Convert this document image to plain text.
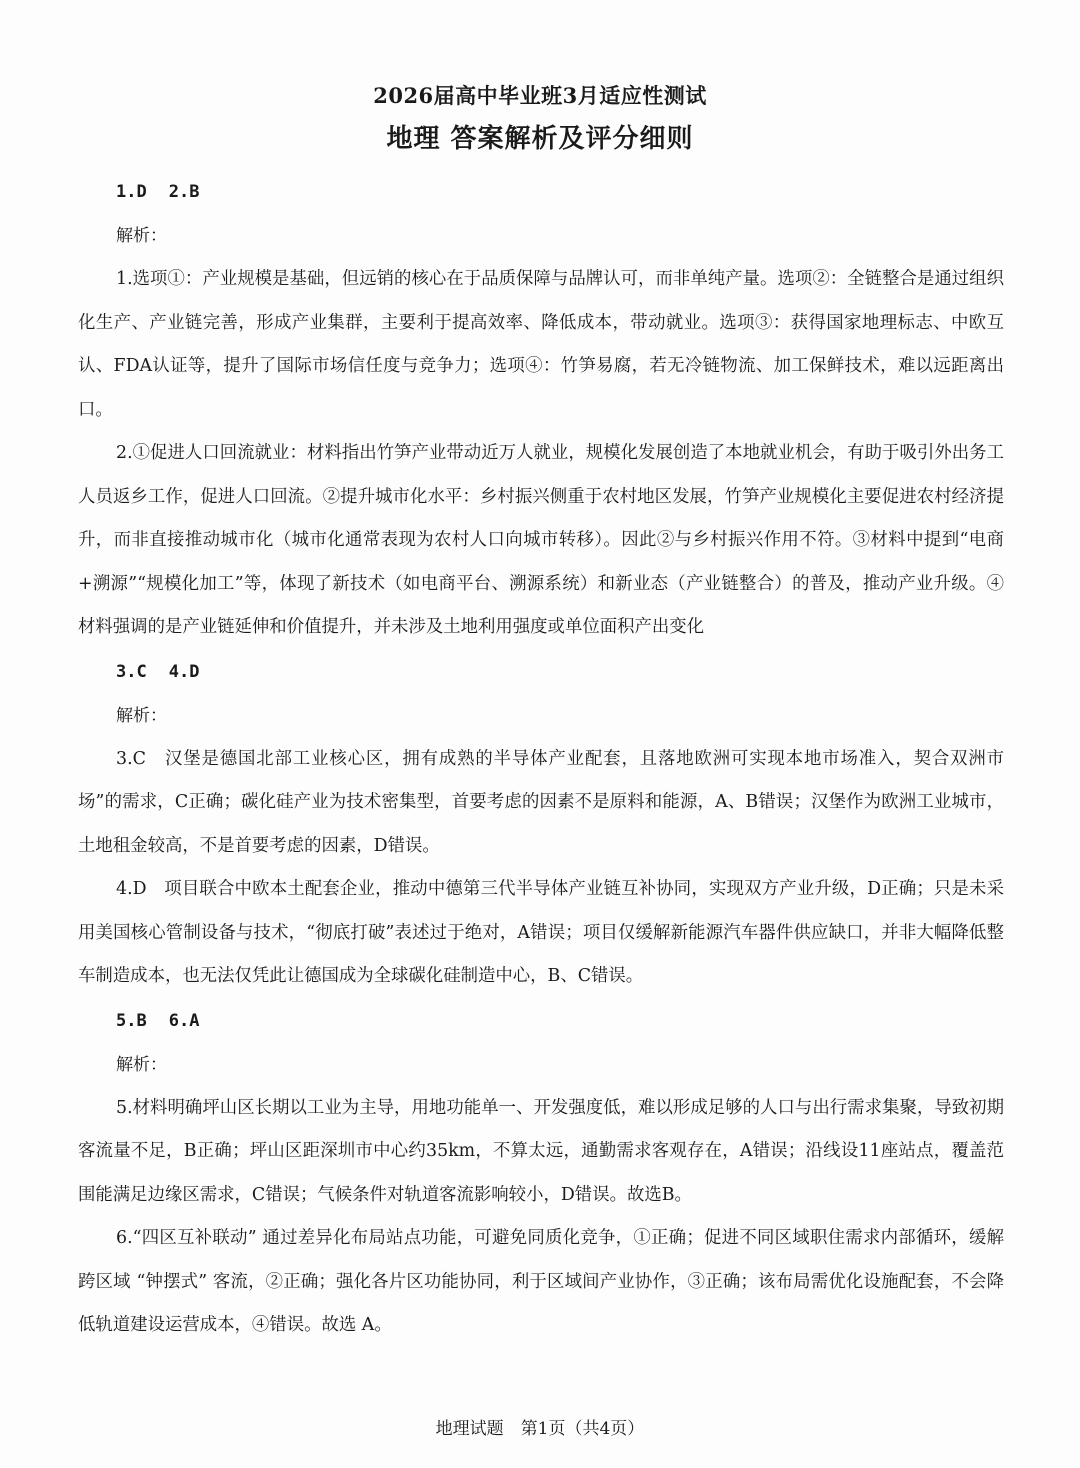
2026届高中毕业班3月适应性测试
地理 答案解析及评分细则
1.D 2.B
解析：

1.选项①：产业规模是基础，但远销的核心在于品质保障与品牌认可，而非单纯产量。选项②：全链整合是通过组织化生产、产业链完善，形成产业集群，主要利于提高效率、降低成本，带动就业。选项③：获得国家地理标志、中欧互认、FDA认证等，提升了国际市场信任度与竞争力；选项④：竹笋易腐，若无冷链物流、加工保鲜技术，难以远距离出口。

2.①促进人口回流就业：材料指出竹笋产业带动近万人就业，规模化发展创造了本地就业机会，有助于吸引外出务工人员返乡工作，促进人口回流。②提升城市化水平：乡村振兴侧重于农村地区发展，竹笋产业规模化主要促进农村经济提升，而非直接推动城市化（城市化通常表现为农村人口向城市转移）。因此②与乡村振兴作用不符。③材料中提到“电商+溯源”“规模化加工”等，体现了新技术（如电商平台、溯源系统）和新业态（产业链整合）的普及，推动产业升级。④材料强调的是产业链延伸和价值提升，并未涉及土地利用强度或单位面积产出变化

3.C 4.D
解析：

3.C　汉堡是德国北部工业核心区，拥有成熟的半导体产业配套，且落地欧洲可实现本地市场准入，契合双洲市场”的需求，C正确；碳化硅产业为技术密集型，首要考虑的因素不是原料和能源，A、B错误；汉堡作为欧洲工业城市，土地租金较高，不是首要考虑的因素，D错误。

4.D　项目联合中欧本土配套企业，推动中德第三代半导体产业链互补协同，实现双方产业升级，D正确；只是未采用美国核心管制设备与技术，“彻底打破”表述过于绝对，A错误；项目仅缓解新能源汽车器件供应缺口，并非大幅降低整车制造成本，也无法仅凭此让德国成为全球碳化硅制造中心，B、C错误。

5.B 6.A
解析：

5.材料明确坪山区长期以工业为主导，用地功能单一、开发强度低，难以形成足够的人口与出行需求集聚，导致初期客流量不足，B正确；坪山区距深圳市中心约35km，不算太远，通勤需求客观存在，A错误；沿线设11座站点，覆盖范围能满足边缘区需求，C错误；气候条件对轨道客流影响较小，D错误。故选B。

6.“四区互补联动” 通过差异化布局站点功能，可避免同质化竞争，①正确；促进不同区域职住需求内部循环，缓解跨区域 “钟摆式” 客流，②正确；强化各片区功能协同，利于区域间产业协作，③正确；该布局需优化设施配套，不会降低轨道建设运营成本，④错误。故选 A。

地理试题　第1页（共4页）
